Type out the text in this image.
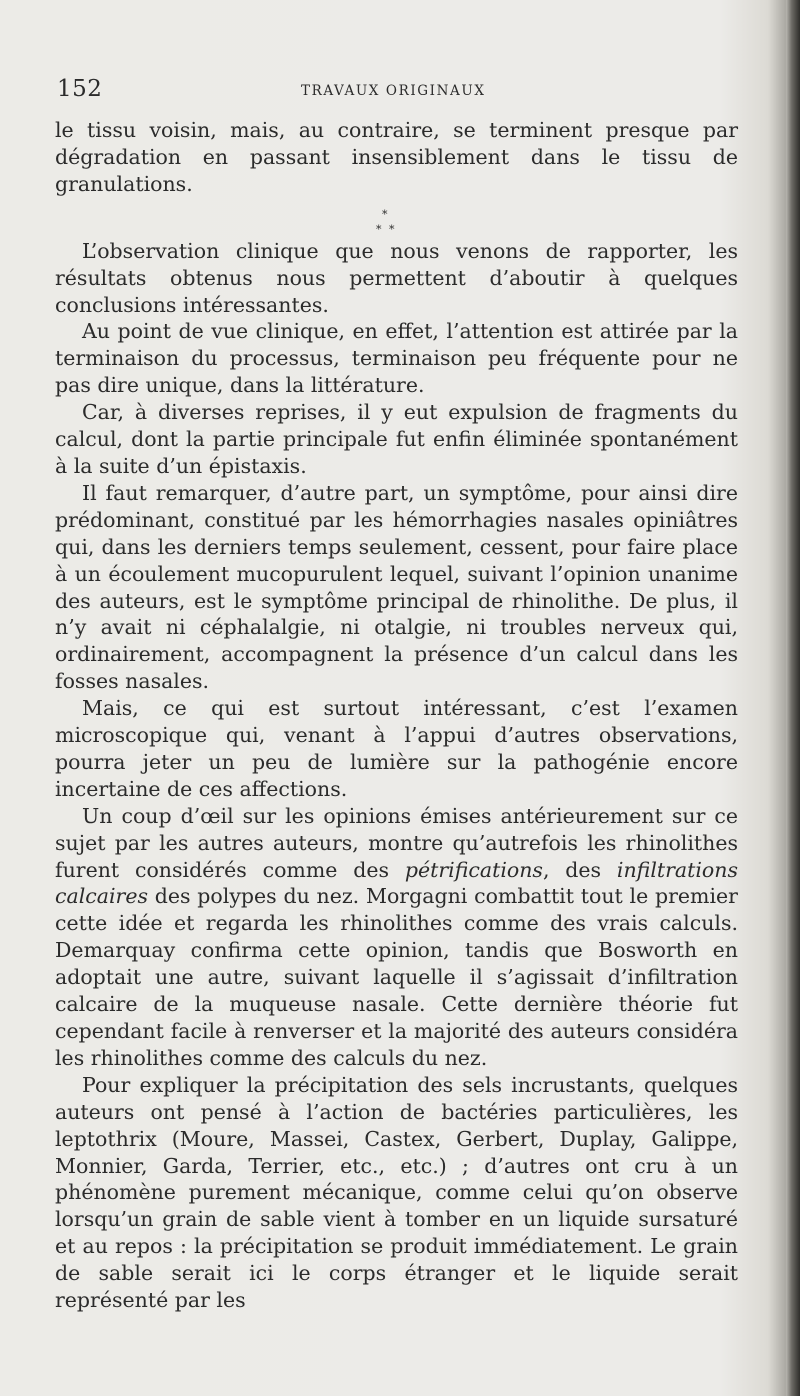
152	TRAVAUX ORIGINAUX

le tissu voisin, mais, au contraire, se terminent presque par dégradation en passant insensiblement dans le tissu de granulations.

*
* *

L’observation clinique que nous venons de rapporter, les résultats obtenus nous permettent d’aboutir à quelques conclusions intéressantes.

Au point de vue clinique, en effet, l’attention est attirée par la terminaison du processus, terminaison peu fréquente pour ne pas dire unique, dans la littérature.

Car, à diverses reprises, il y eut expulsion de fragments du calcul, dont la partie principale fut enfin éliminée spontanément à la suite d’un épistaxis.

Il faut remarquer, d’autre part, un symptôme, pour ainsi dire prédominant, constitué par les hémorrhagies nasales opiniâtres qui, dans les derniers temps seulement, cessent, pour faire place à un écoulement mucopurulent lequel, suivant l’opinion unanime des auteurs, est le symptôme principal de rhinolithe. De plus, il n’y avait ni céphalalgie, ni otalgie, ni troubles nerveux qui, ordinairement, accompagnent la présence d’un calcul dans les fosses nasales.

Mais, ce qui est surtout intéressant, c’est l’examen microscopique qui, venant à l’appui d’autres observations, pourra jeter un peu de lumière sur la pathogénie encore incertaine de ces affections.

Un coup d’œil sur les opinions émises antérieurement sur ce sujet par les autres auteurs, montre qu’autrefois les rhinolithes furent considérés comme des pétrifications, des infiltrations calcaires des polypes du nez. Morgagni combattit tout le premier cette idée et regarda les rhinolithes comme des vrais calculs. Demarquay confirma cette opinion, tandis que Bosworth en adoptait une autre, suivant laquelle il s’agissait d’infiltration calcaire de la muqueuse nasale. Cette dernière théorie fut cependant facile à renverser et la majorité des auteurs considéra les rhinolithes comme des calculs du nez.

Pour expliquer la précipitation des sels incrustants, quelques auteurs ont pensé à l’action de bactéries particulières, les leptothrix (Moure, Massei, Castex, Gerbert, Duplay, Galippe, Monnier, Garda, Terrier, etc., etc.) ; d’autres ont cru à un phénomène purement mécanique, comme celui qu’on observe lorsqu’un grain de sable vient à tomber en un liquide sursaturé et au repos : la précipitation se produit immédiatement. Le grain de sable serait ici le corps étranger et le liquide serait représenté par les
